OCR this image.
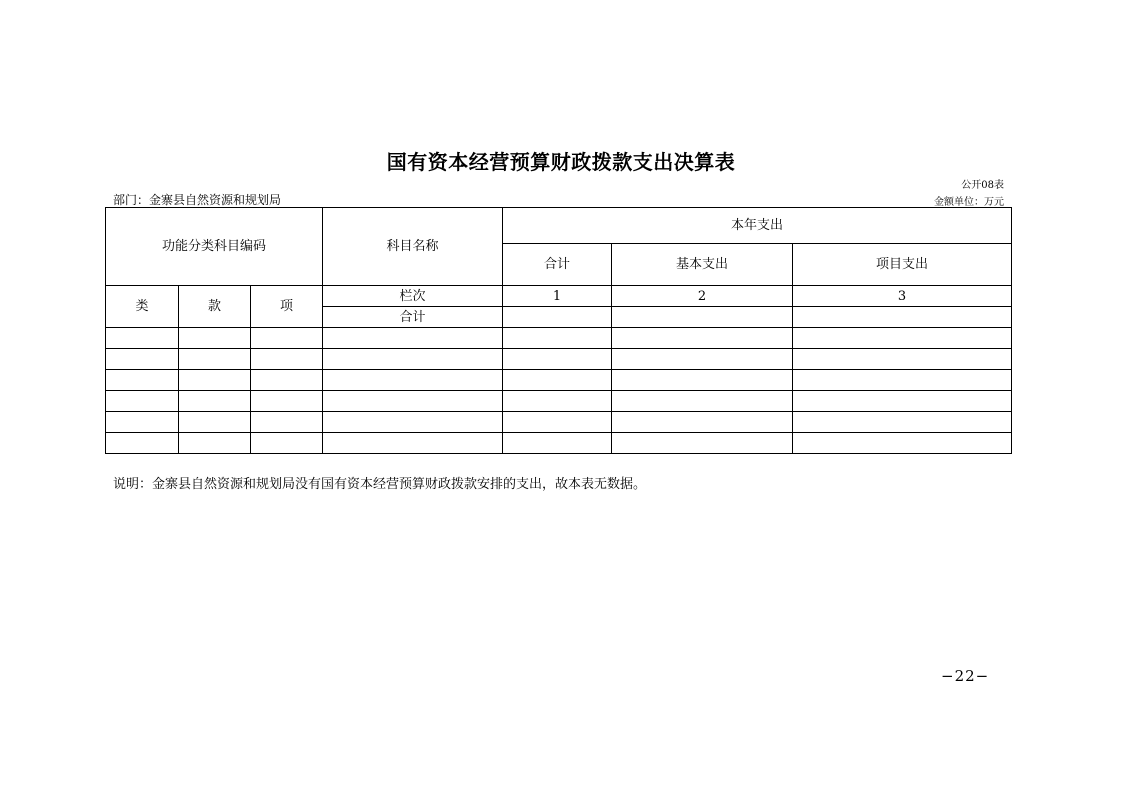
国有资本经营预算财政拨款支出决算表
公开08表
部门：金寨县自然资源和规划局	金额单位：万元
功能分类科目编码			科目名称	本年支出		
				合计	基本支出	项目支出
类	款	项	栏次	1	2	3
			合计			

说明：金寨县自然资源和规划局没有国有资本经营预算财政拨款安排的支出，故本表无数据。
−22−
